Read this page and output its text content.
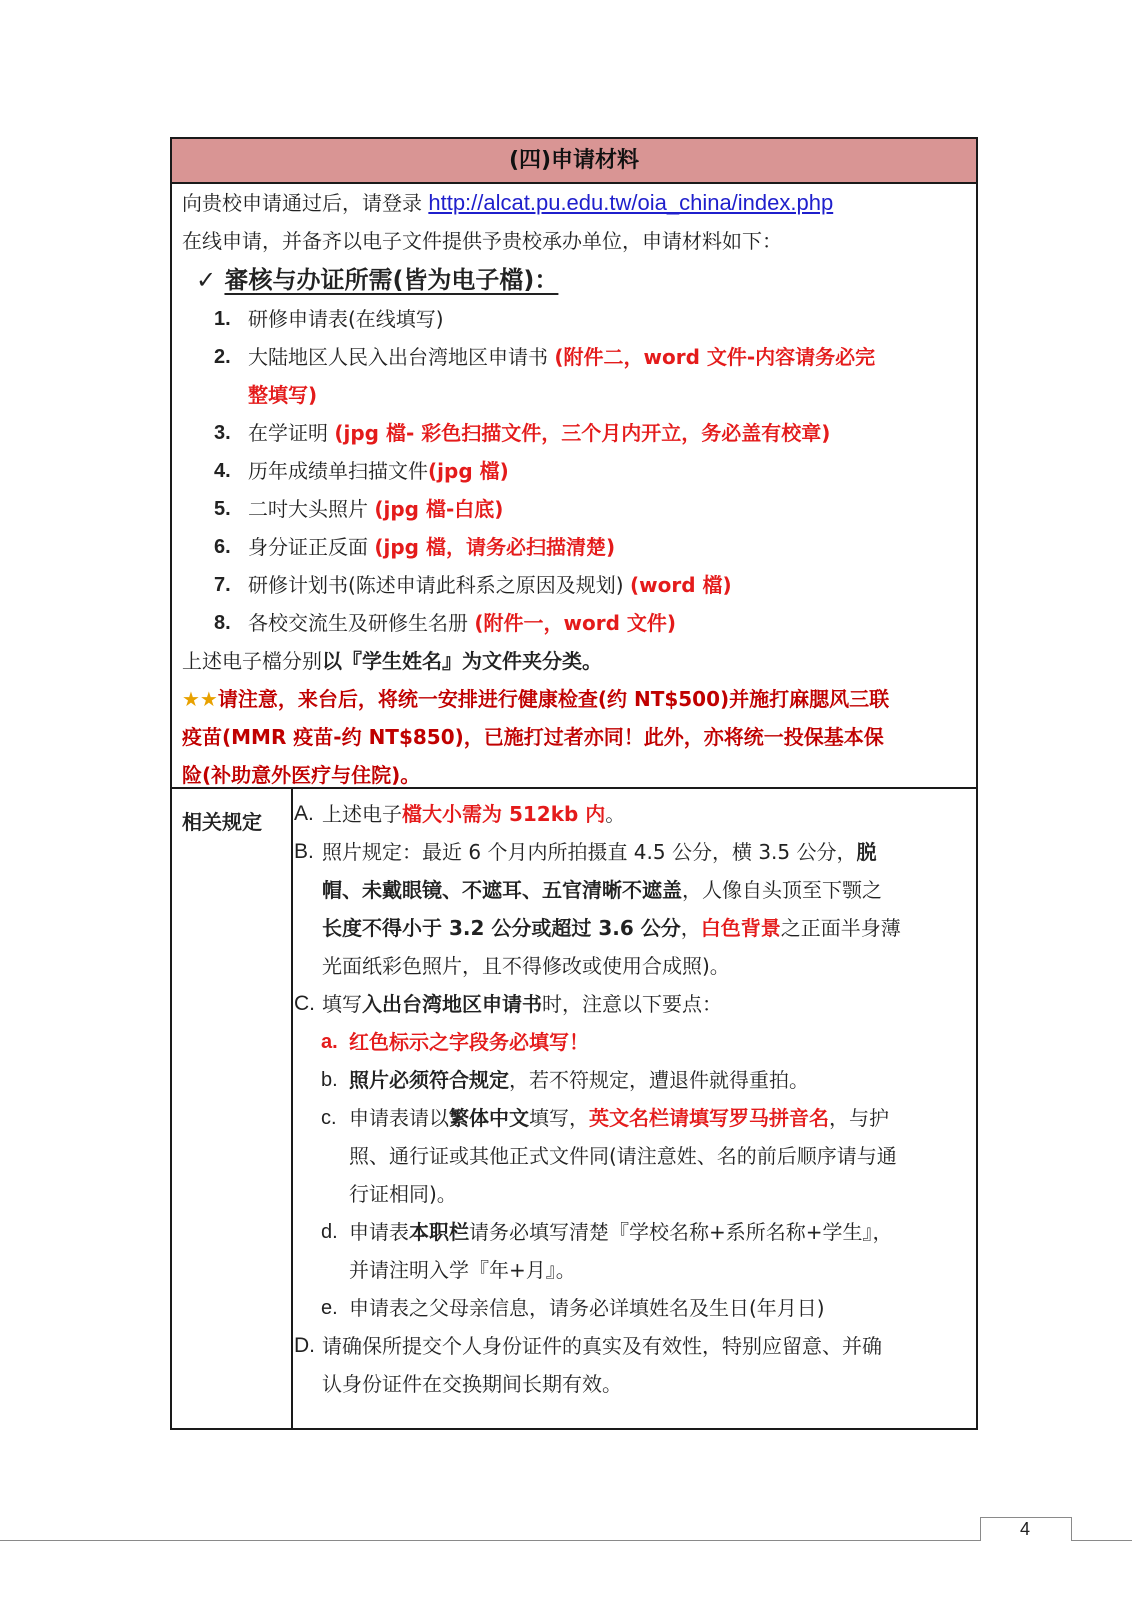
(四)申请材料
向贵校申请通过后，请登录 http://alcat.pu.edu.tw/oia_china/index.php
在线申请，并备齐以电子文件提供予贵校承办单位，申请材料如下：
✓ 審核与办证所需(皆为电子檔)：
1. 研修申请表(在线填写)
2. 大陆地区人民入出台湾地区申请书 (附件二，word 文件-内容请务必完
整填写)
3. 在学证明 (jpg 檔- 彩色扫描文件，三个月内开立，务必盖有校章)
4. 历年成绩单扫描文件(jpg 檔)
5. 二吋大头照片 (jpg 檔-白底)
6. 身分证正反面 (jpg 檔，请务必扫描清楚)
7. 研修计划书(陈述申请此科系之原因及规划) (word 檔)
8. 各校交流生及研修生名册 (附件一，word 文件)
上述电子檔分别以『学生姓名』为文件夹分类。
★★请注意，来台后，将统一安排进行健康检查(约 NT$500)并施打麻腮风三联
疫苗(MMR 疫苗-约 NT$850)，已施打过者亦同！此外，亦将统一投保基本保
险(补助意外医疗与住院)。
相关规定 A. 上述电子檔大小需为 512kb 内。
B. 照片规定：最近 6 个月内所拍摄直 4.5 公分，横 3.5 公分，脱
帽、未戴眼镜、不遮耳、五官清晰不遮盖，人像自头顶至下颚之
长度不得小于 3.2 公分或超过 3.6 公分，白色背景之正面半身薄
光面纸彩色照片，且不得修改或使用合成照)。
C. 填写入出台湾地区申请书时，注意以下要点：
a. 红色标示之字段务必填写！
b. 照片必须符合规定，若不符规定，遭退件就得重拍。
c. 申请表请以繁体中文填写，英文名栏请填写罗马拼音名，与护
照、通行证或其他正式文件同(请注意姓、名的前后顺序请与通
行证相同)。
d. 申请表本职栏请务必填写清楚『学校名称+系所名称+学生』，
并请注明入学『年+月』。
e. 申请表之父母亲信息，请务必详填姓名及生日(年月日)
D. 请确保所提交个人身份证件的真实及有效性，特别应留意、并确
认身份证件在交换期间长期有效。
4
